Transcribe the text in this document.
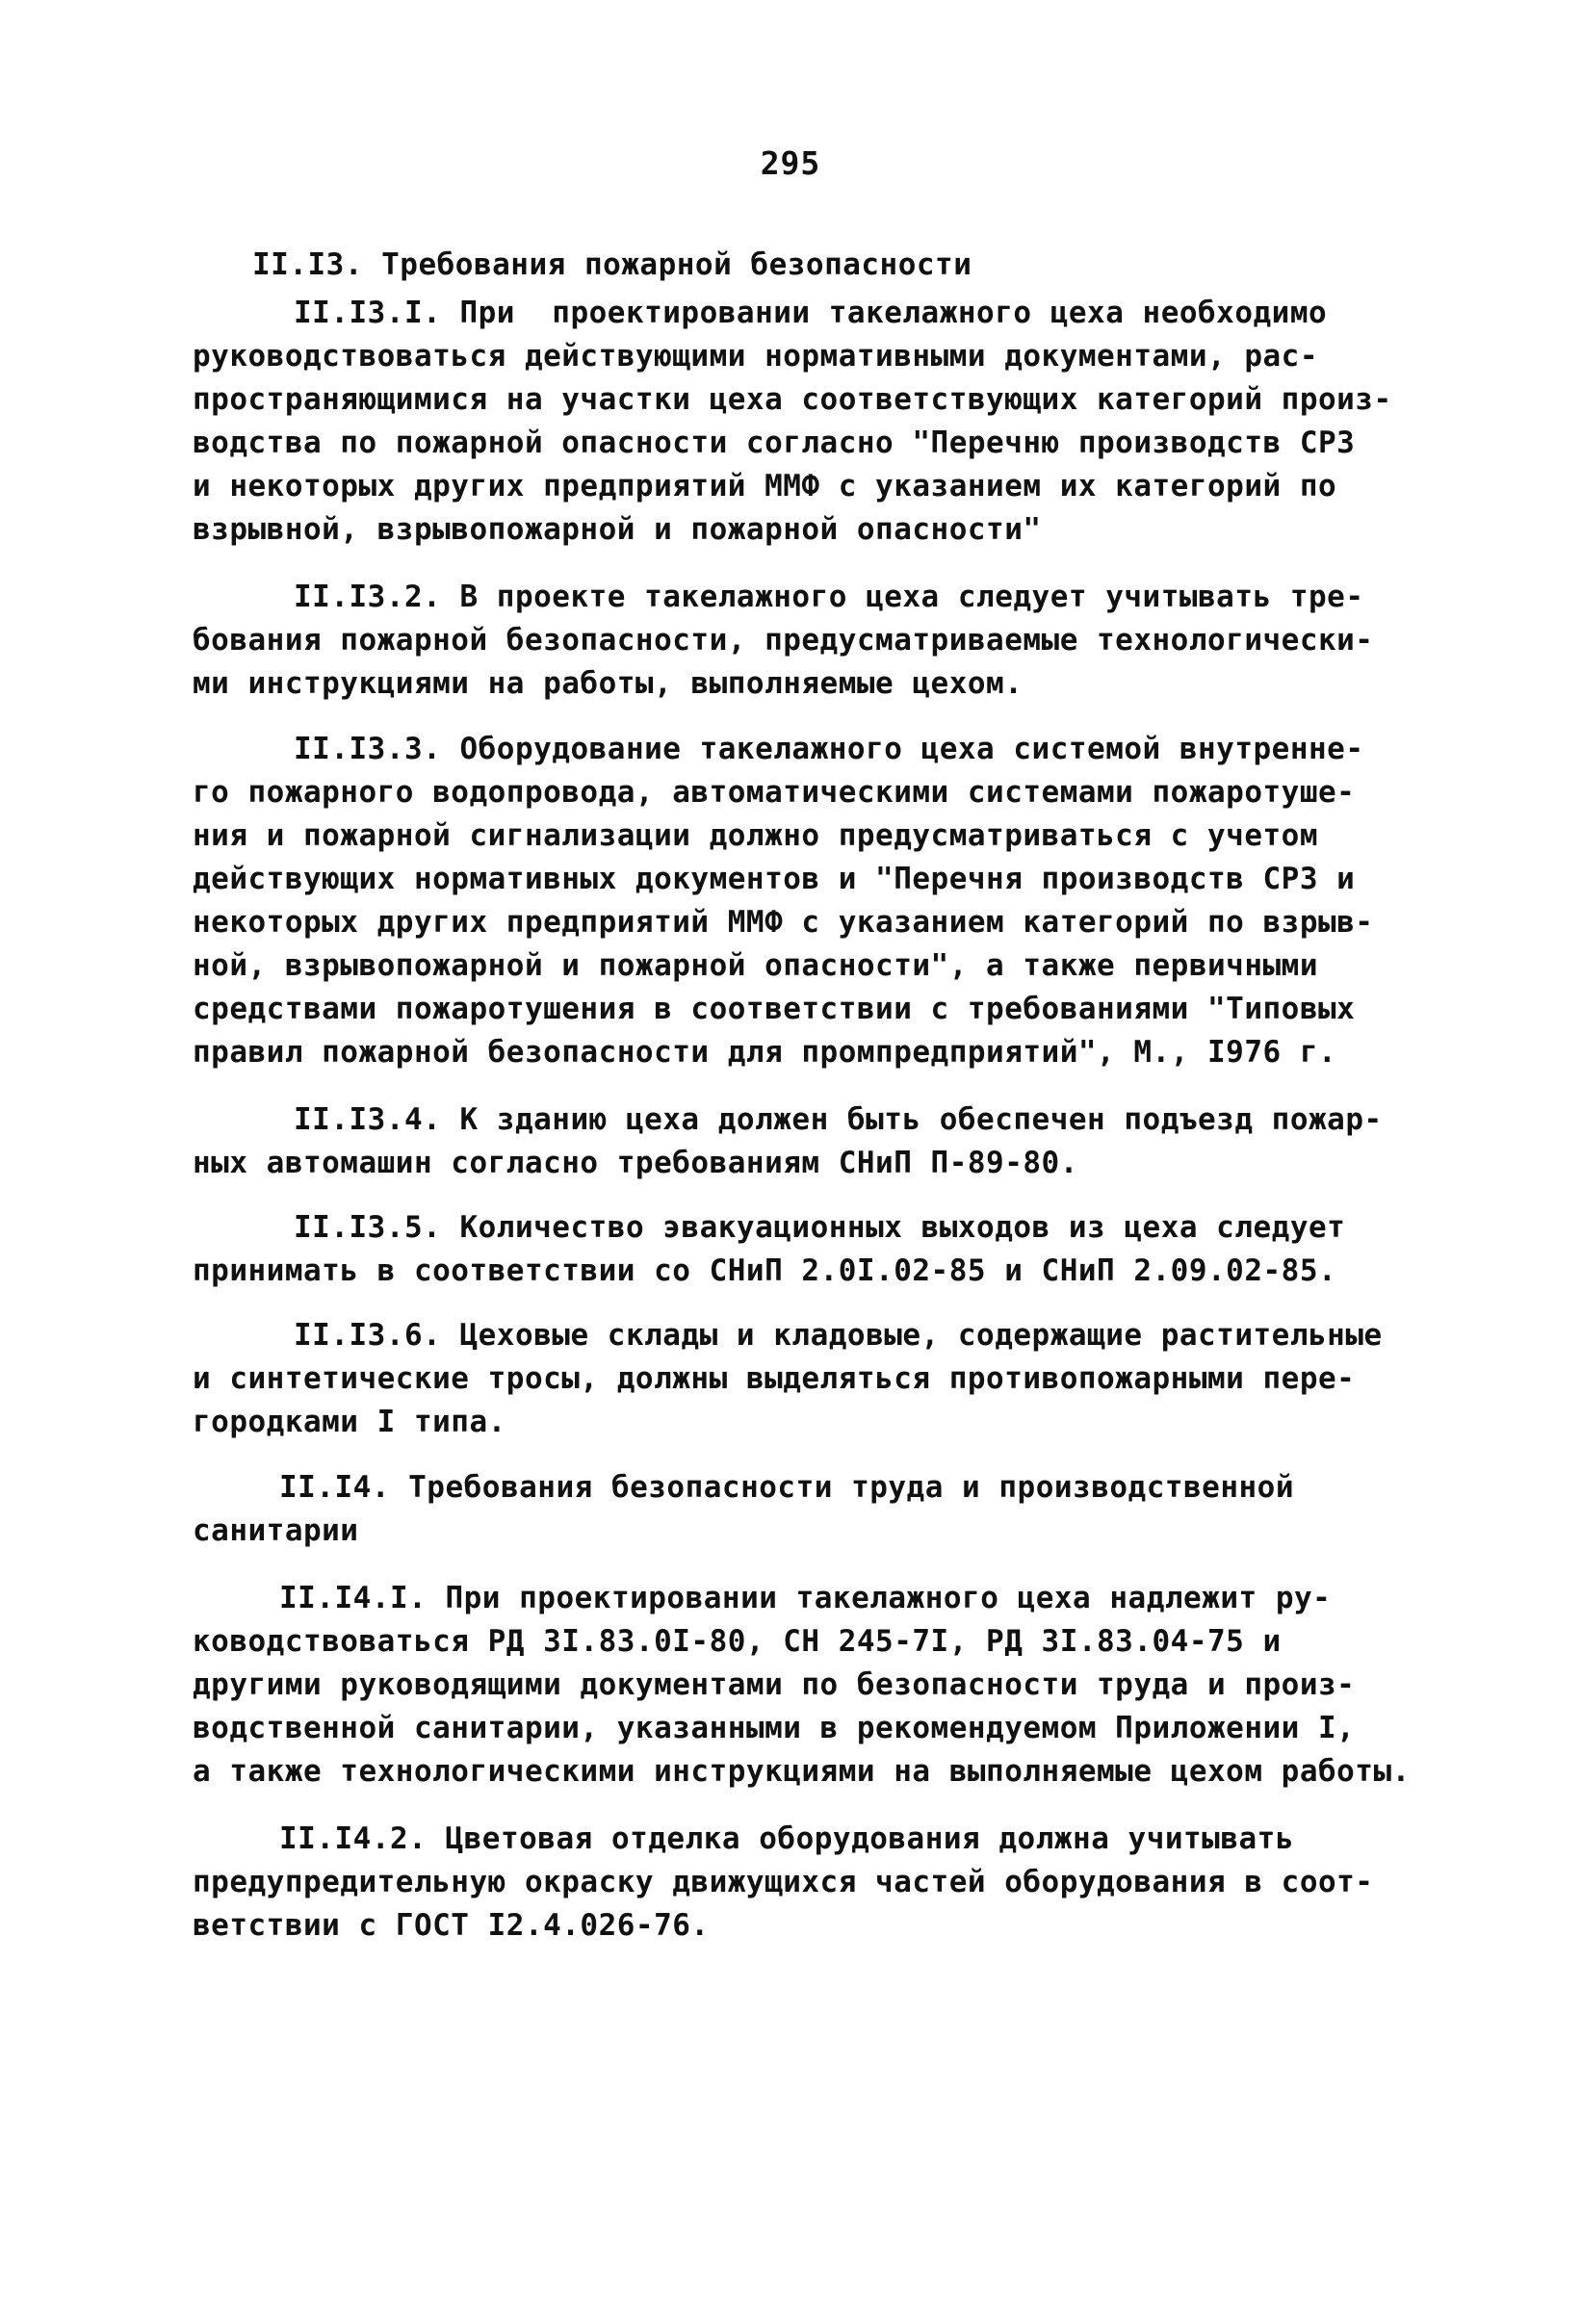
295
II.I3. Требования пожарной безопасности
II.I3.I. При  проектировании такелажного цеха необходимо
руководствоваться действующими нормативными документами, рас-
пространяющимися на участки цеха соответствующих категорий произ-
водства по пожарной опасности согласно "Перечню производств СРЗ
и некоторых других предприятий ММФ с указанием их категорий по
взрывной, взрывопожарной и пожарной опасности"
II.I3.2. В проекте такелажного цеха следует учитывать тре-
бования пожарной безопасности, предусматриваемые технологически-
ми инструкциями на работы, выполняемые цехом.
II.I3.3. Оборудование такелажного цеха системой внутренне-
го пожарного водопровода, автоматическими системами пожаротуше-
ния и пожарной сигнализации должно предусматриваться с учетом
действующих нормативных документов и "Перечня производств СРЗ и
некоторых других предприятий ММФ с указанием категорий по взрыв-
ной, взрывопожарной и пожарной опасности", а также первичными
средствами пожаротушения в соответствии с требованиями "Типовых
правил пожарной безопасности для промпредприятий", М., I976 г.
II.I3.4. К зданию цеха должен быть обеспечен подъезд пожар-
ных автомашин согласно требованиям СНиП П-89-80.
II.I3.5. Количество эвакуационных выходов из цеха следует
принимать в соответствии со СНиП 2.0I.02-85 и СНиП 2.09.02-85.
II.I3.6. Цеховые склады и кладовые, содержащие растительные
и синтетические тросы, должны выделяться противопожарными пере-
городками I типа.
II.I4. Требования безопасности труда и производственной
санитарии
II.I4.I. При проектировании такелажного цеха надлежит ру-
ководствоваться РД 3I.83.0I-80, СН 245-7I, РД 3I.83.04-75 и
другими руководящими документами по безопасности труда и произ-
водственной санитарии, указанными в рекомендуемом Приложении I,
а также технологическими инструкциями на выполняемые цехом работы.
II.I4.2. Цветовая отделка оборудования должна учитывать
предупредительную окраску движущихся частей оборудования в соот-
ветствии с ГОСТ I2.4.026-76.
